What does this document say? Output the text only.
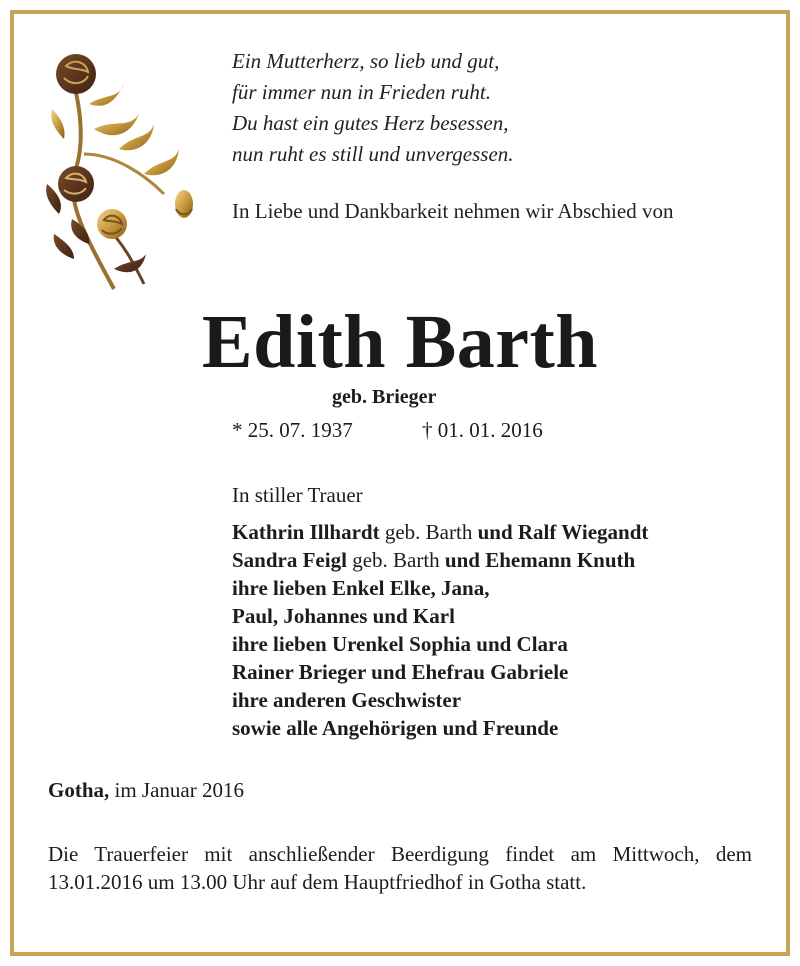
Ein Mutterherz, so lieb und gut,
für immer nun in Frieden ruht.
Du hast ein gutes Herz besessen,
nun ruht es still und unvergessen.

In Liebe und Dankbarkeit nehmen wir Abschied von

Edith Barth
geb. Brieger
* 25. 07. 1937	† 01. 01. 2016
In stiller Trauer
Kathrin Illhardt geb. Barth und Ralf Wiegandt
Sandra Feigl geb. Barth und Ehemann Knuth
ihre lieben Enkel Elke, Jana,
Paul, Johannes und Karl
ihre lieben Urenkel Sophia und Clara
Rainer Brieger und Ehefrau Gabriele
ihre anderen Geschwister
sowie alle Angehörigen und Freunde
Gotha, im Januar 2016

Die Trauerfeier mit anschließender Beerdigung findet am Mittwoch, dem 13.01.2016 um 13.00 Uhr auf dem Hauptfriedhof in Gotha statt.
